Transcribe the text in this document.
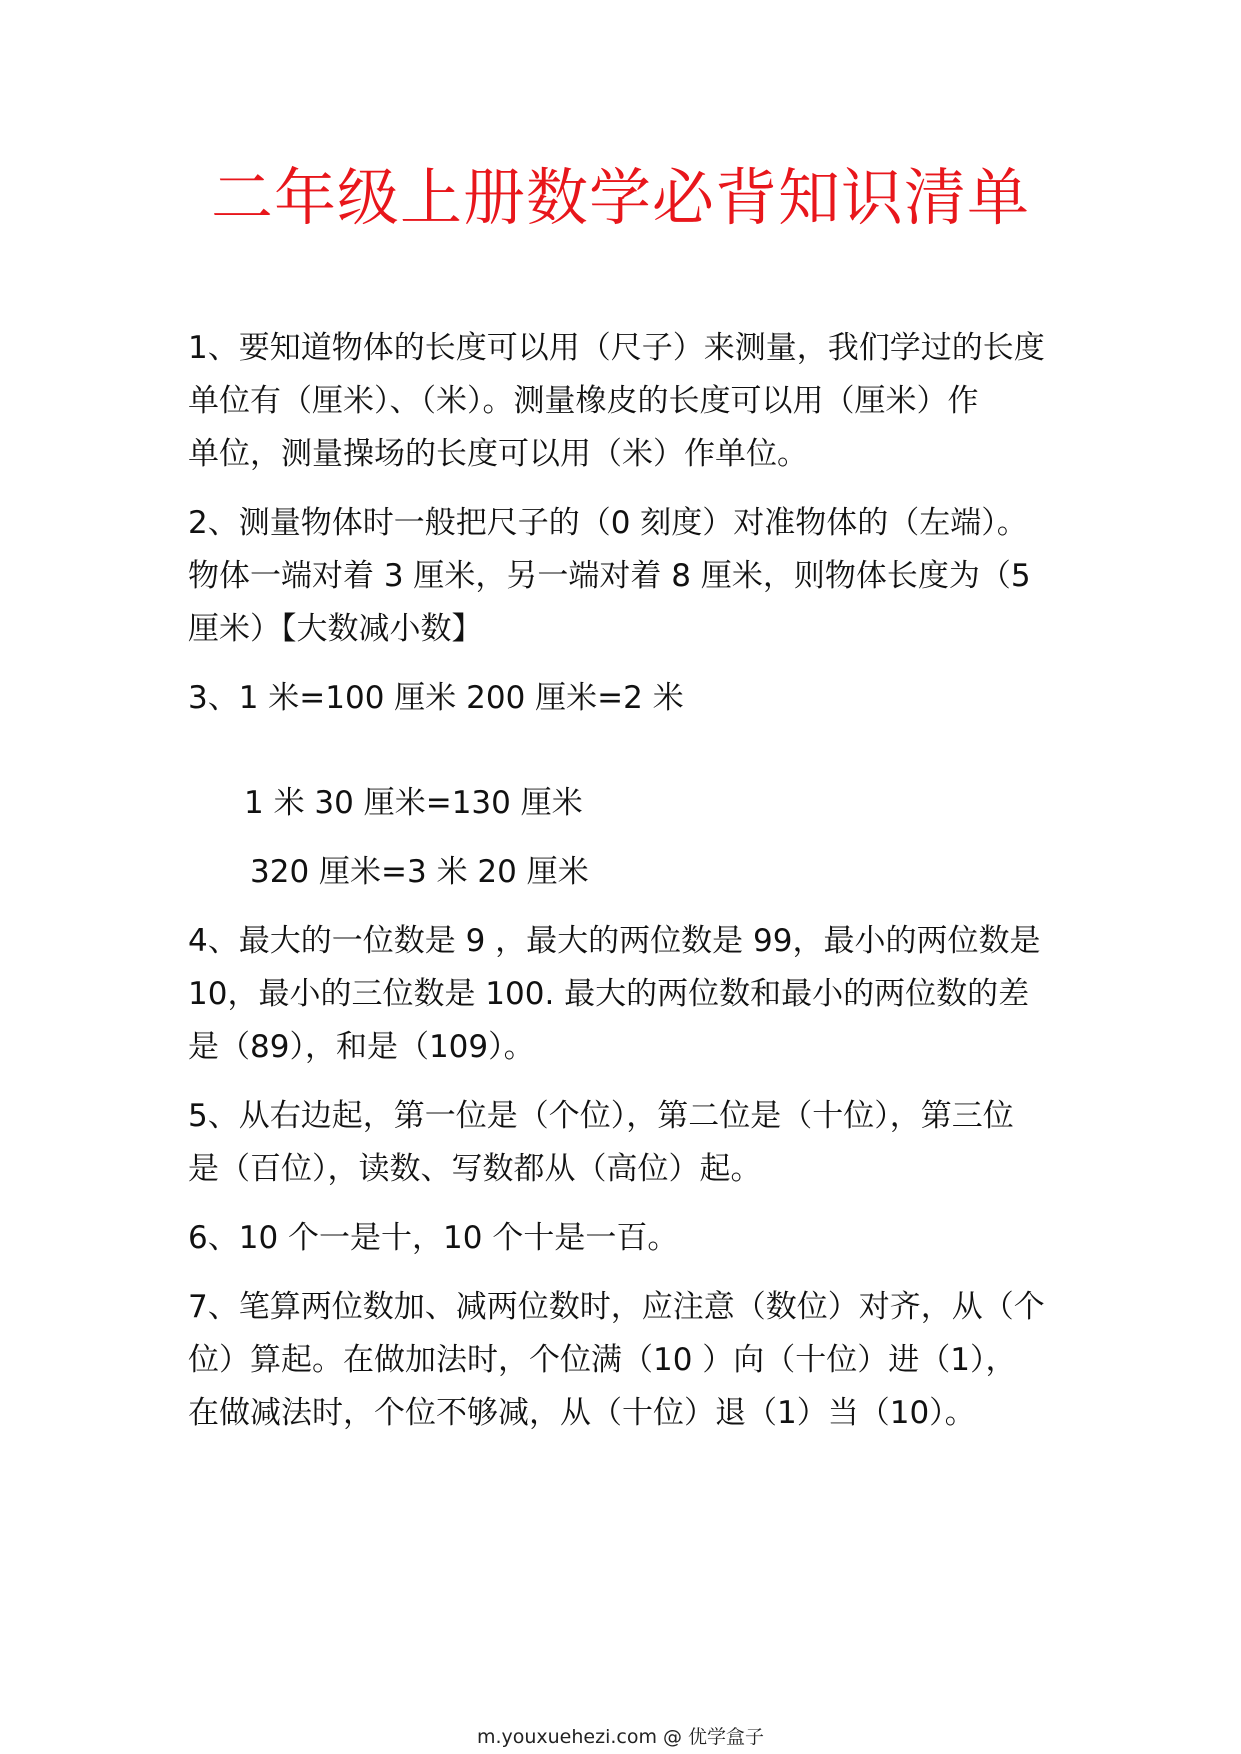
二年级上册数学必背知识清单

1、要知道物体的长度可以用（尺子）来测量，我们学过的长度
单位有（厘米）、（米）。测量橡皮的长度可以用（厘米）作
单位，测量操场的长度可以用（米）作单位。

2、测量物体时一般把尺子的（0 刻度）对准物体的（左端）。
物体一端对着 3 厘米，另一端对着 8 厘米，则物体长度为（5
厘米）【大数减小数】

3、1 米=100 厘米 200 厘米=2 米

1 米 30 厘米=130 厘米

320 厘米=3 米 20 厘米

4、最大的一位数是 9 ，最大的两位数是 99，最小的两位数是
10，最小的三位数是 100. 最大的两位数和最小的两位数的差
是（89），和是（109）。

5、从右边起，第一位是（个位），第二位是（十位），第三位
是（百位），读数、写数都从（高位）起。

6、10 个一是十，10 个十是一百。

7、笔算两位数加、减两位数时，应注意（数位）对齐，从（个
位）算起。在做加法时，个位满（10 ）向（十位）进（1），
在做减法时，个位不够减，从（十位）退（1）当（10）。

m.youxuehezi.com @ 优学盒子
